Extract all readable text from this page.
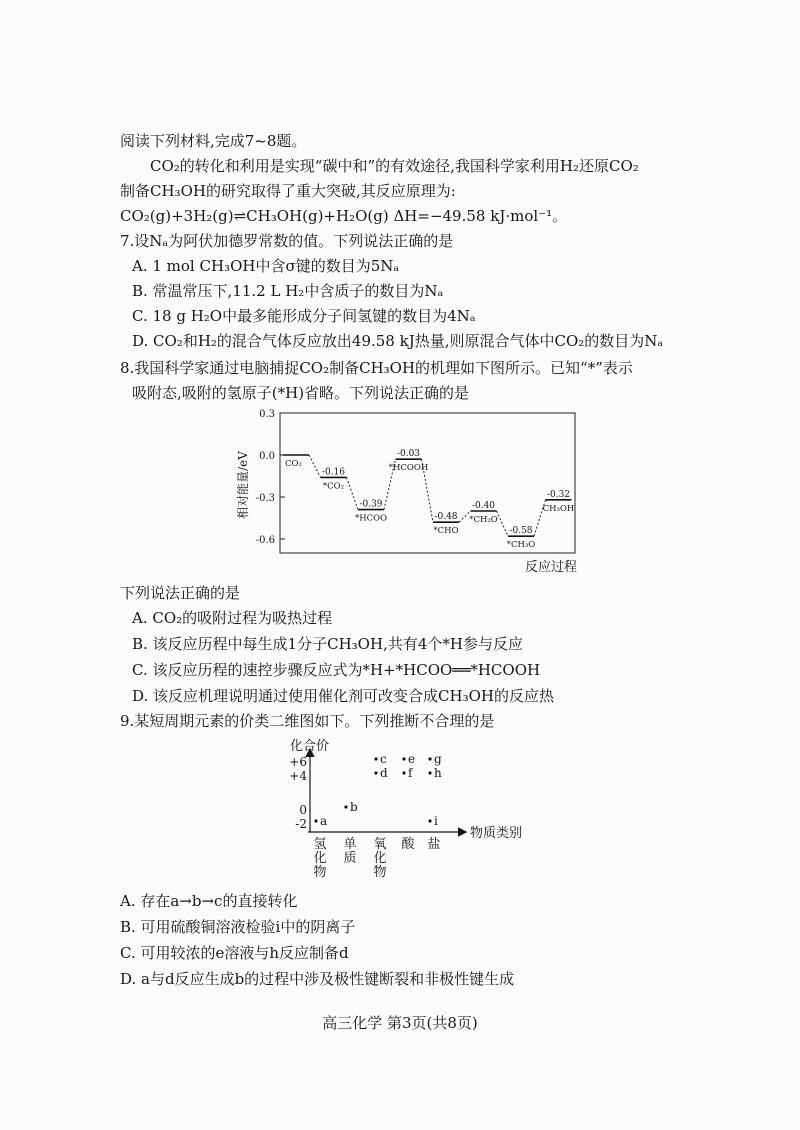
阅读下列材料,完成7~8题。
CO₂的转化和利用是实现“碳中和”的有效途径,我国科学家利用H₂还原CO₂
制备CH₃OH的研究取得了重大突破,其反应原理为:
CO₂(g)+3H₂(g)⇌CH₃OH(g)+H₂O(g) ΔH=−49.58 kJ·mol⁻¹。
7.设Nₐ为阿伏加德罗常数的值。下列说法正确的是
A. 1 mol CH₃OH中含σ键的数目为5Nₐ
B. 常温常压下,11.2 L H₂中含质子的数目为Nₐ
C. 18 g H₂O中最多能形成分子间氢键的数目为4Nₐ
D. CO₂和H₂的混合气体反应放出49.58 kJ热量,则原混合气体中CO₂的数目为Nₐ
8.我国科学家通过电脑捕捉CO₂制备CH₃OH的机理如下图所示。已知“*”表示
吸附态,吸附的氢原子(*H)省略。下列说法正确的是
相对能量/eV
反应过程
0.3
0.0
-0.3
-0.6
CO₂
-0.16
*CO₂
-0.39
*HCOO
-0.03
*HCOOH
-0.48
*CHO
-0.40
*CH₂O
-0.58
*CH₃O
-0.32
CH₃OH
下列说法正确的是
A. CO₂的吸附过程为吸热过程
B. 该反应历程中每生成1分子CH₃OH,共有4个*H参与反应
C. 该反应历程的速控步骤反应式为*H+*HCOO══*HCOOH
D. 该反应机理说明通过使用催化剂可改变合成CH₃OH的反应热
9.某短周期元素的价类二维图如下。下列推断不合理的是
化合价
物质类别
+6
+4
0
-2
氢化物
单质
氧化物
酸 盐
a
b
c
d
e
f
g
h
i
A. 存在a→b→c的直接转化
B. 可用硫酸铜溶液检验i中的阴离子
C. 可用较浓的e溶液与h反应制备d
D. a与d反应生成b的过程中涉及极性键断裂和非极性键生成
高三化学 第3页(共8页)
